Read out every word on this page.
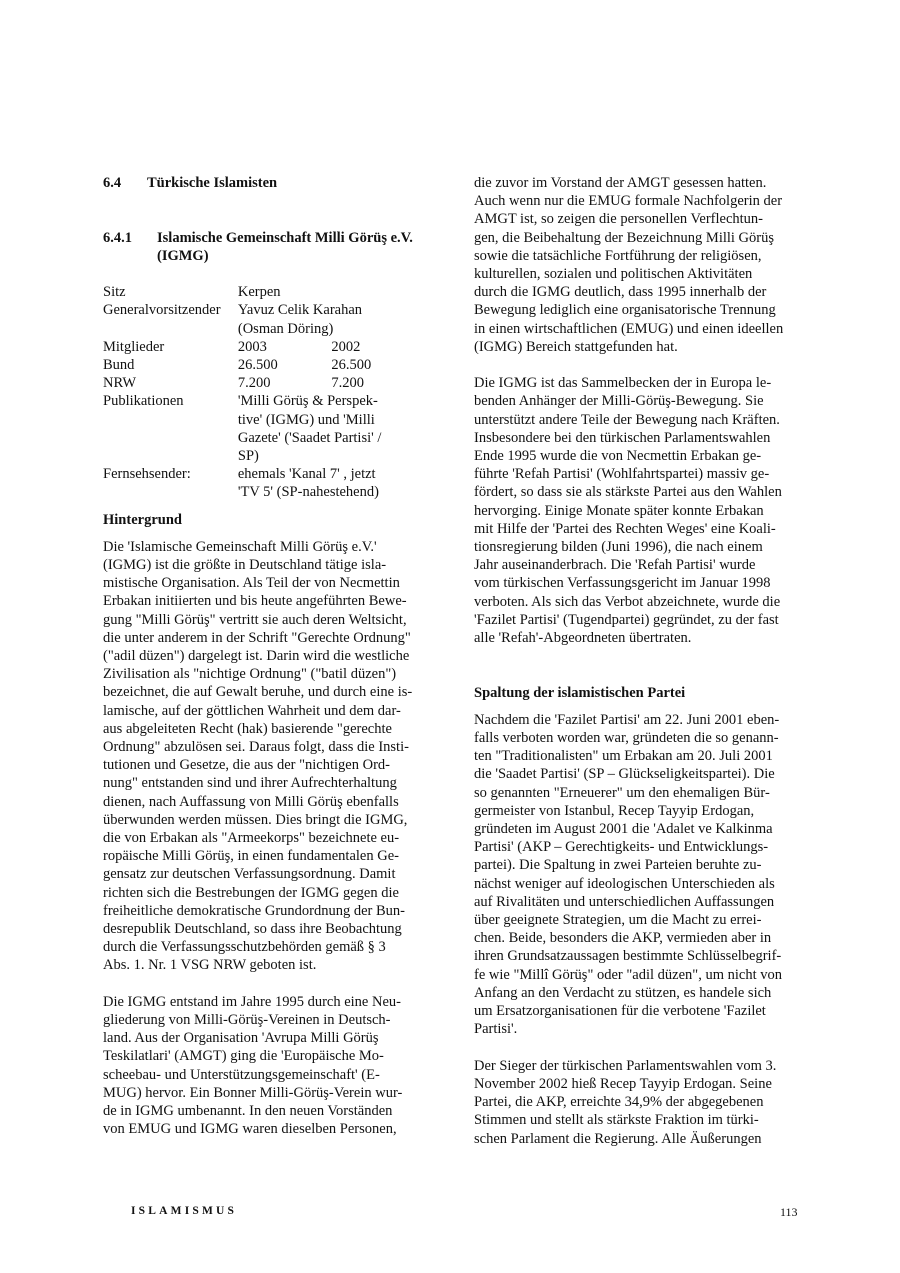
6.4	Türkische Islamisten
6.4.1	Islamische Gemeinschaft Milli Görüş e.V.
(IGMG)
Sitz	Kerpen	
Generalvorsitzender	Yavuz Celik Karahan
(Osman Döring)	

Mitglieder	2003	2002
Bund	26.500	26.500
NRW	7.200	7.200
Publikationen	'Milli Görüş & Perspek-
tive' (IGMG) und 'Milli
Gazete' ('Saadet Partisi' /
SP)	

Fernsehsender:	ehemals 'Kanal 7' , jetzt
'TV 5' (SP-nahestehend)	
Hintergrund

Die 'Islamische Gemeinschaft Milli Görüş e.V.'
(IGMG) ist die größte in Deutschland tätige isla-
mistische Organisation. Als Teil der von Necmettin
Erbakan initiierten und bis heute angeführten Bewe-
gung "Milli Görüş" vertritt sie auch deren Weltsicht,
die unter anderem in der Schrift "Gerechte Ordnung"
("adil düzen") dargelegt ist. Darin wird die westliche
Zivilisation als "nichtige Ordnung" ("batil düzen")
bezeichnet, die auf Gewalt beruhe, und durch eine is-
lamische, auf der göttlichen Wahrheit und dem dar-
aus abgeleiteten Recht (hak) basierende "gerechte
Ordnung" abzulösen sei. Daraus folgt, dass die Insti-
tutionen und Gesetze, die aus der "nichtigen Ord-
nung" entstanden sind und ihrer Aufrechterhaltung
dienen, nach Auffassung von Milli Görüş ebenfalls
überwunden werden müssen. Dies bringt die IGMG,
die von Erbakan als "Armeekorps" bezeichnete eu-
ropäische Milli Görüş, in einen fundamentalen Ge-
gensatz zur deutschen Verfassungsordnung. Damit
richten sich die Bestrebungen der IGMG gegen die
freiheitliche demokratische Grundordnung der Bun-
desrepublik Deutschland, so dass ihre Beobachtung
durch die Verfassungsschutzbehörden gemäß § 3
Abs. 1. Nr. 1 VSG NRW geboten ist.

Die IGMG entstand im Jahre 1995 durch eine Neu-
gliederung von Milli-Görüş-Vereinen in Deutsch-
land. Aus der Organisation 'Avrupa Milli Görüş
Teskilatlari' (AMGT) ging die 'Europäische Mo-
scheebau- und Unterstützungsgemeinschaft' (E-
MUG) hervor. Ein Bonner Milli-Görüş-Verein wur-
de in IGMG umbenannt. In den neuen Vorständen
von EMUG und IGMG waren dieselben Personen,

die zuvor im Vorstand der AMGT gesessen hatten.
Auch wenn nur die EMUG formale Nachfolgerin der
AMGT ist, so zeigen die personellen Verflechtun-
gen, die Beibehaltung der Bezeichnung Milli Görüş
sowie die tatsächliche Fortführung der religiösen,
kulturellen, sozialen und politischen Aktivitäten
durch die IGMG deutlich, dass 1995 innerhalb der
Bewegung lediglich eine organisatorische Trennung
in einen wirtschaftlichen (EMUG) und einen ideellen
(IGMG) Bereich stattgefunden hat.

Die IGMG ist das Sammelbecken der in Europa le-
benden Anhänger der Milli-Görüş-Bewegung. Sie
unterstützt andere Teile der Bewegung nach Kräften.
Insbesondere bei den türkischen Parlamentswahlen
Ende 1995 wurde die von Necmettin Erbakan ge-
führte 'Refah Partisi' (Wohlfahrtspartei) massiv ge-
fördert, so dass sie als stärkste Partei aus den Wahlen
hervorging. Einige Monate später konnte Erbakan
mit Hilfe der 'Partei des Rechten Weges' eine Koali-
tionsregierung bilden (Juni 1996), die nach einem
Jahr auseinanderbrach. Die 'Refah Partisi' wurde
vom türkischen Verfassungsgericht im Januar 1998
verboten. Als sich das Verbot abzeichnete, wurde die
'Fazilet Partisi' (Tugendpartei) gegründet, zu der fast
alle 'Refah'-Abgeordneten übertraten.

Spaltung der islamistischen Partei

Nachdem die 'Fazilet Partisi' am 22. Juni 2001 eben-
falls verboten worden war, gründeten die so genann-
ten "Traditionalisten" um Erbakan am 20. Juli 2001
die 'Saadet Partisi' (SP – Glückseligkeitspartei). Die
so genannten "Erneuerer" um den ehemaligen Bür-
germeister von Istanbul, Recep Tayyip Erdogan,
gründeten im August 2001 die 'Adalet ve Kalkinma
Partisi' (AKP – Gerechtigkeits- und Entwicklungs-
partei). Die Spaltung in zwei Parteien beruhte zu-
nächst weniger auf ideologischen Unterschieden als
auf Rivalitäten und unterschiedlichen Auffassungen
über geeignete Strategien, um die Macht zu errei-
chen. Beide, besonders die AKP, vermieden aber in
ihren Grundsatzaussagen bestimmte Schlüsselbegrif-
fe wie "Millî Görüş" oder "adil düzen", um nicht von
Anfang an den Verdacht zu stützen, es handele sich
um Ersatzorganisationen für die verbotene 'Fazilet
Partisi'.

Der Sieger der türkischen Parlamentswahlen vom 3.
November 2002 hieß Recep Tayyip Erdogan. Seine
Partei, die AKP, erreichte 34,9% der abgegebenen
Stimmen und stellt als stärkste Fraktion im türki-
schen Parlament die Regierung. Alle Äußerungen

ISLAMISMUS	113
